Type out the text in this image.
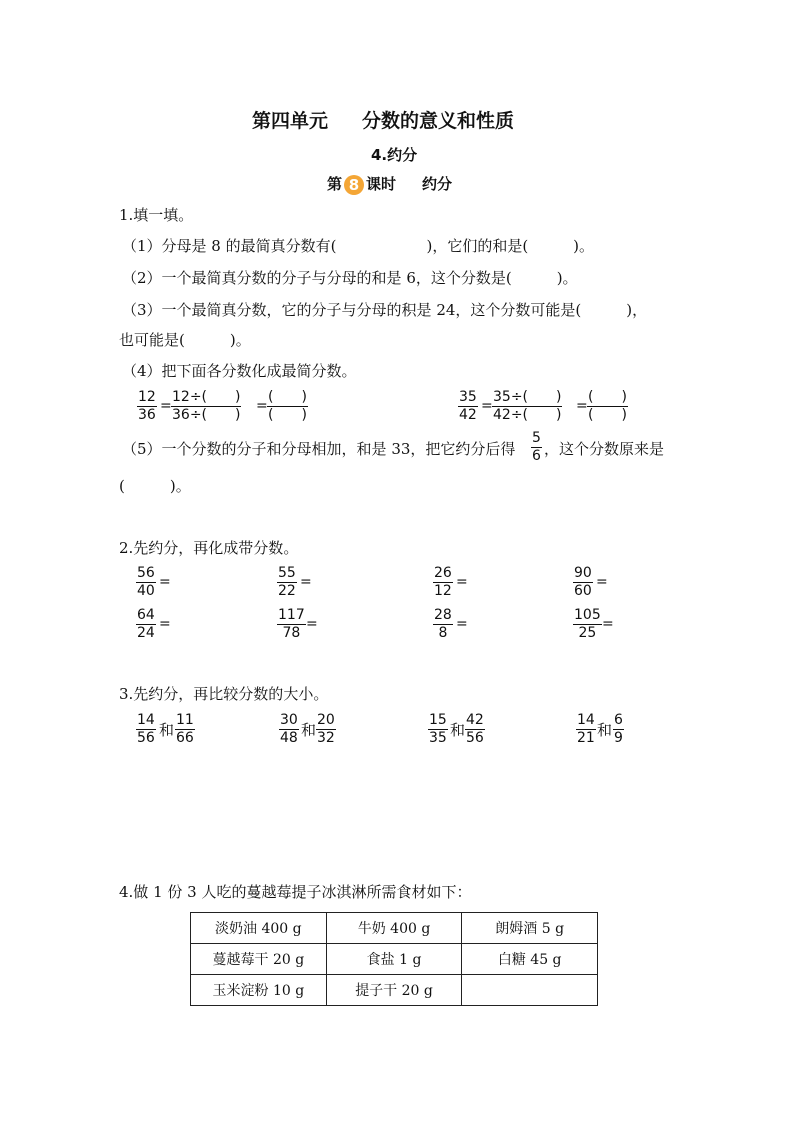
第四单元 分数的意义和性质
4.约分
第 8 课时 约分
1.填一填。
（1）分母是 8 的最简真分数有(　　　　　　)，它们的和是(　　　)。
（2）一个最简真分数的分子与分母的和是 6，这个分数是(　　　)。
（3）一个最简真分数，它的分子与分母的积是 24，这个分数可能是(　　　)，
也可能是(　　　)。
（4）把下面各分数化成最简分数。
$\frac{12}{36} = \frac{12\div( )}{36\div( )}$ =
(　　)
(　　)	$\frac{35}{42} = \frac{35\div( )}{42\div( )}$ =
(　　)
(　　)
（5）一个分数的分子和分母相加，和是 33，把它约分后得 $\frac{5}{6}$ ，这个分数原来是
(　　　)。
2.先约分，再化成带分数。
$\frac{56}{40}$ =	$\frac{55}{22}$ =	$\frac{26}{12}$ =	$\frac{90}{60}$ =
$\frac{64}{24}$ =	$\frac{117}{78}$ =	$\frac{28}{8}$ =	$\frac{105}{25}$ =
3.先约分，再比较分数的大小。
$\frac{14}{56}$ 和 $\frac{11}{66}$	$\frac{30}{48}$ 和 $\frac{20}{32}$	$\frac{15}{35}$ 和 $\frac{42}{56}$	$\frac{14}{21}$ 和 $\frac{6}{9}$
4.做 1 份 3 人吃的蔓越莓提子冰淇淋所需食材如下：
淡奶油 400 g	牛奶 400 g	朗姆酒 5 g
蔓越莓干 20 g	食盐 1 g	白糖 45 g
玉米淀粉 10 g	提子干 20 g	
